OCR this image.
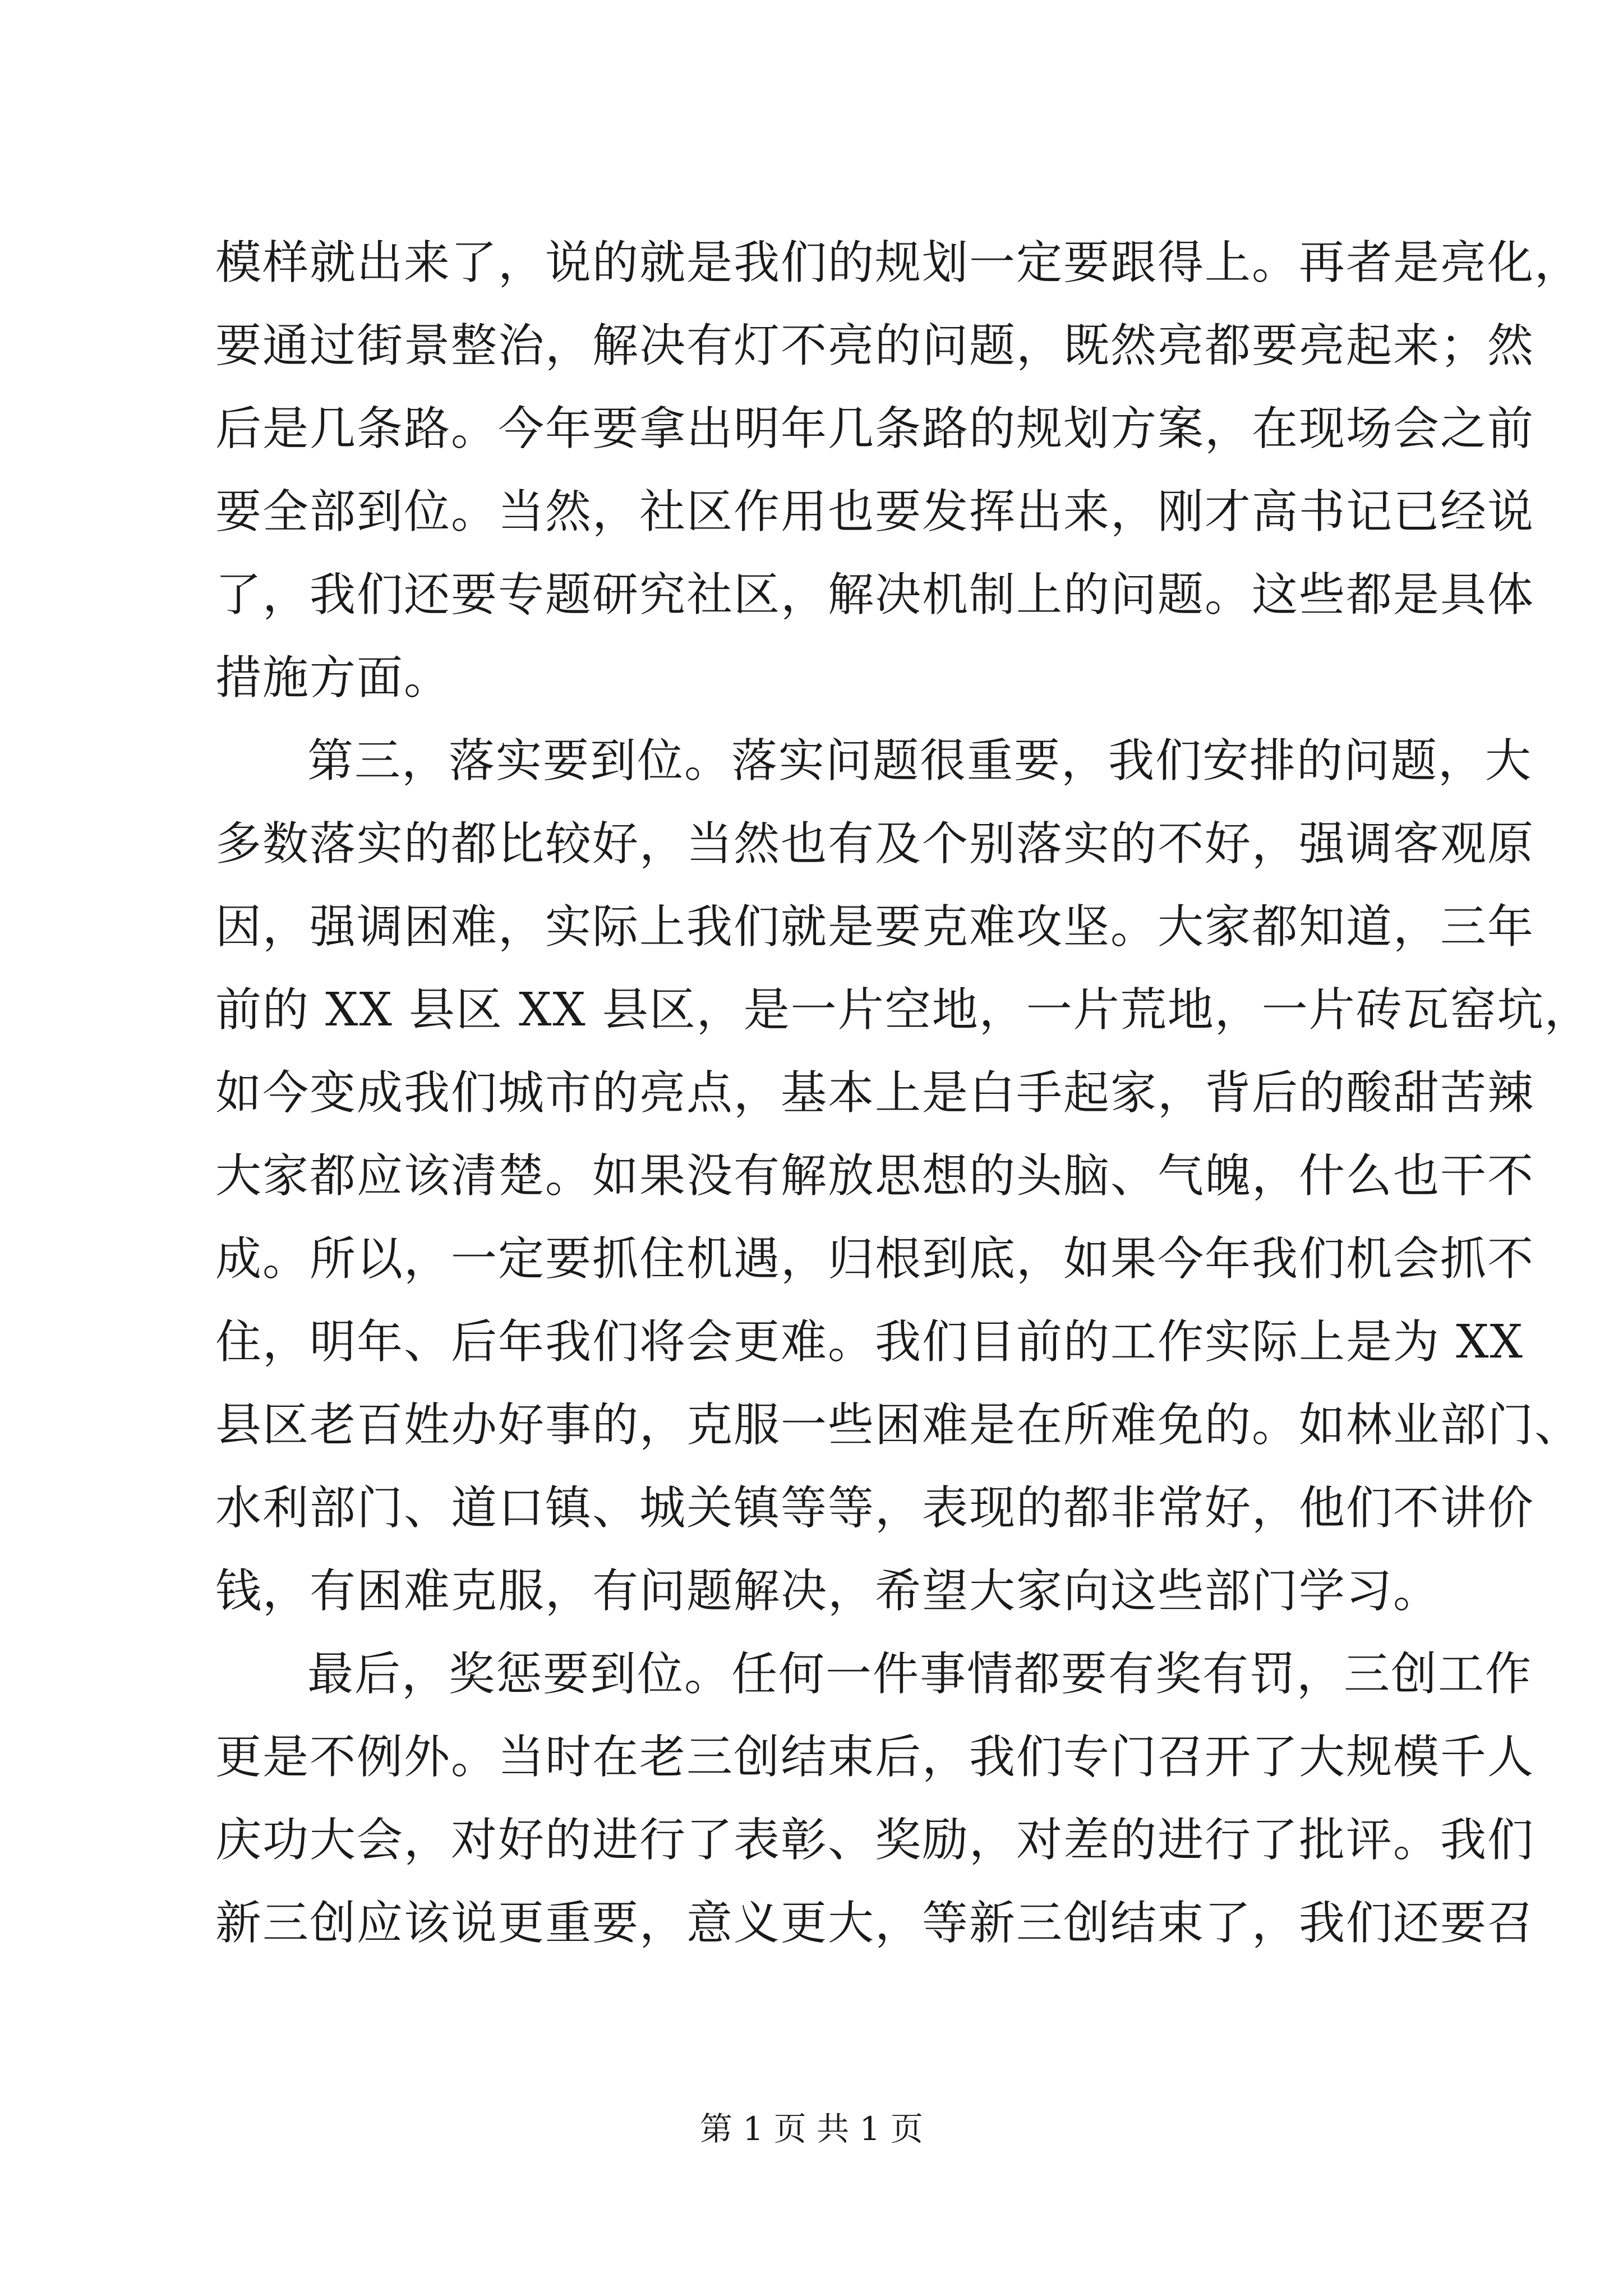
模样就出来了，说的就是我们的规划一定要跟得上。再者是亮化，
要通过街景整治，解决有灯不亮的问题，既然亮都要亮起来；然
后是几条路。今年要拿出明年几条路的规划方案，在现场会之前
要全部到位。当然，社区作用也要发挥出来，刚才高书记已经说
了，我们还要专题研究社区，解决机制上的问题。这些都是具体
措施方面。
第三，落实要到位。落实问题很重要，我们安排的问题，大
多数落实的都比较好，当然也有及个别落实的不好，强调客观原
因，强调困难，实际上我们就是要克难攻坚。大家都知道，三年
前的 XX 县区 XX 县区，是一片空地，一片荒地，一片砖瓦窑坑，
如今变成我们城市的亮点，基本上是白手起家，背后的酸甜苦辣
大家都应该清楚。如果没有解放思想的头脑、气魄，什么也干不
成。所以，一定要抓住机遇，归根到底，如果今年我们机会抓不
住，明年、后年我们将会更难。我们目前的工作实际上是为 XX
县区老百姓办好事的，克服一些困难是在所难免的。如林业部门、
水利部门、道口镇、城关镇等等，表现的都非常好，他们不讲价
钱，有困难克服，有问题解决，希望大家向这些部门学习。
最后，奖惩要到位。任何一件事情都要有奖有罚，三创工作
更是不例外。当时在老三创结束后，我们专门召开了大规模千人
庆功大会，对好的进行了表彰、奖励，对差的进行了批评。我们
新三创应该说更重要，意义更大，等新三创结束了，我们还要召
第 1 页 共 1 页
